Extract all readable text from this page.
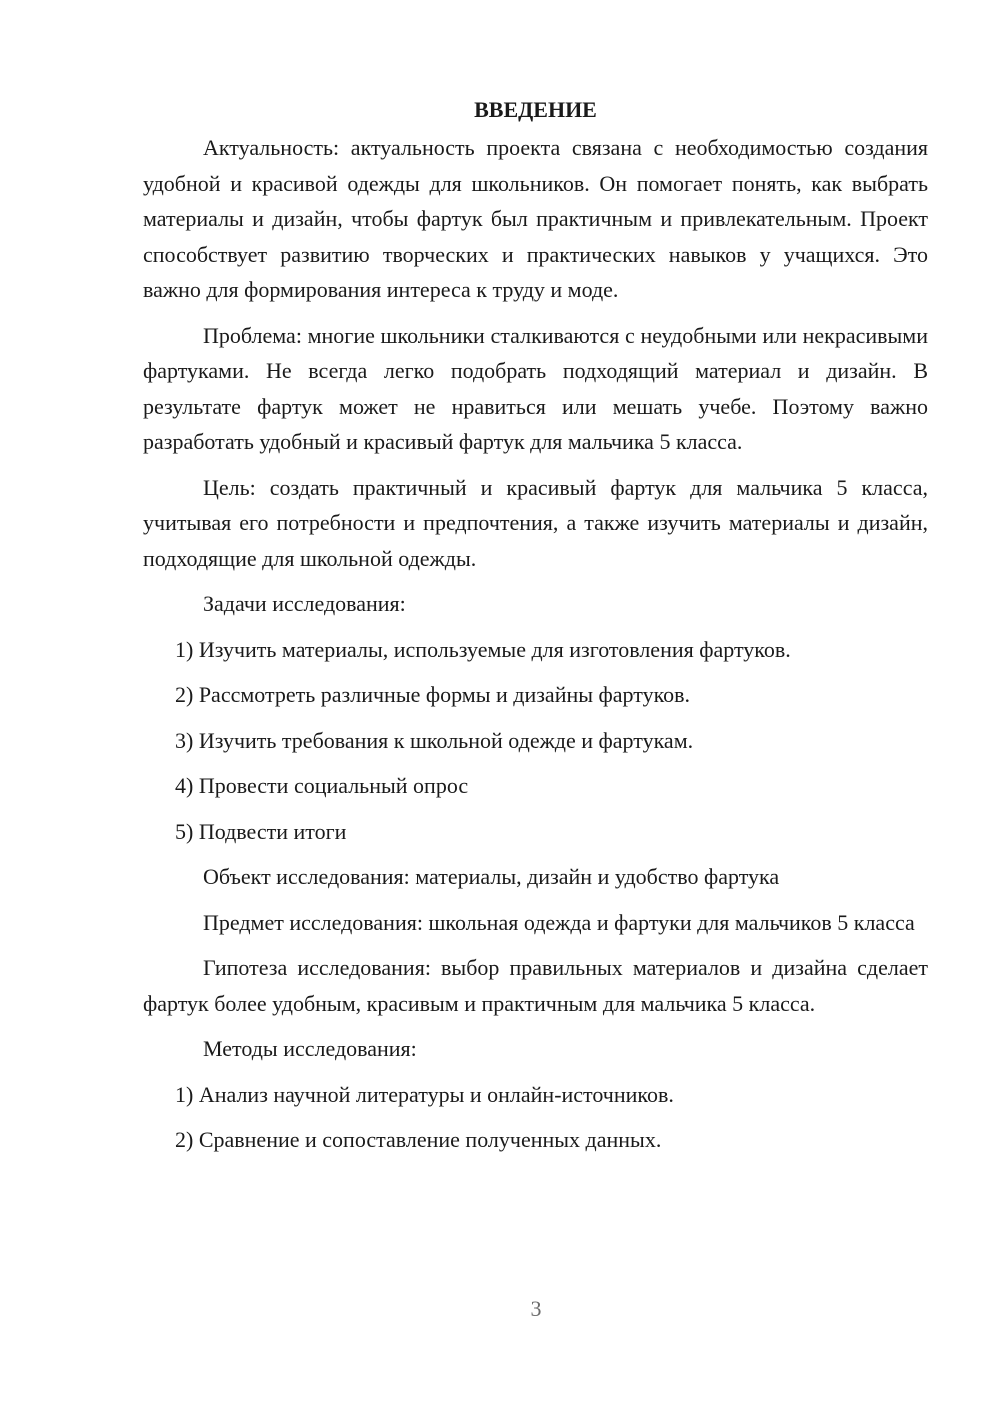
ВВЕДЕНИЕ

Актуальность: актуальность проекта связана с необходимостью создания удобной и красивой одежды для школьников. Он помогает понять, как выбрать материалы и дизайн, чтобы фартук был практичным и привлекательным. Проект способствует развитию творческих и практических навыков у учащихся. Это важно для формирования интереса к труду и моде.

Проблема: многие школьники сталкиваются с неудобными или некрасивыми фартуками. Не всегда легко подобрать подходящий материал и дизайн. В результате фартук может не нравиться или мешать учебе. Поэтому важно разработать удобный и красивый фартук для мальчика 5 класса.

Цель: создать практичный и красивый фартук для мальчика 5 класса, учитывая его потребности и предпочтения, а также изучить материалы и дизайн, подходящие для школьной одежды.

Задачи исследования:

1) Изучить материалы, используемые для изготовления фартуков.
2) Рассмотреть различные формы и дизайны фартуков.
3) Изучить требования к школьной одежде и фартукам.
4) Провести социальный опрос
5) Подвести итоги

Объект исследования: материалы, дизайн и удобство фартука

Предмет исследования: школьная одежда и фартуки для мальчиков 5 класса

Гипотеза исследования: выбор правильных материалов и дизайна сделает фартук более удобным, красивым и практичным для мальчика 5 класса.

Методы исследования:

1) Анализ научной литературы и онлайн-источников.
2) Сравнение и сопоставление полученных данных.
3
